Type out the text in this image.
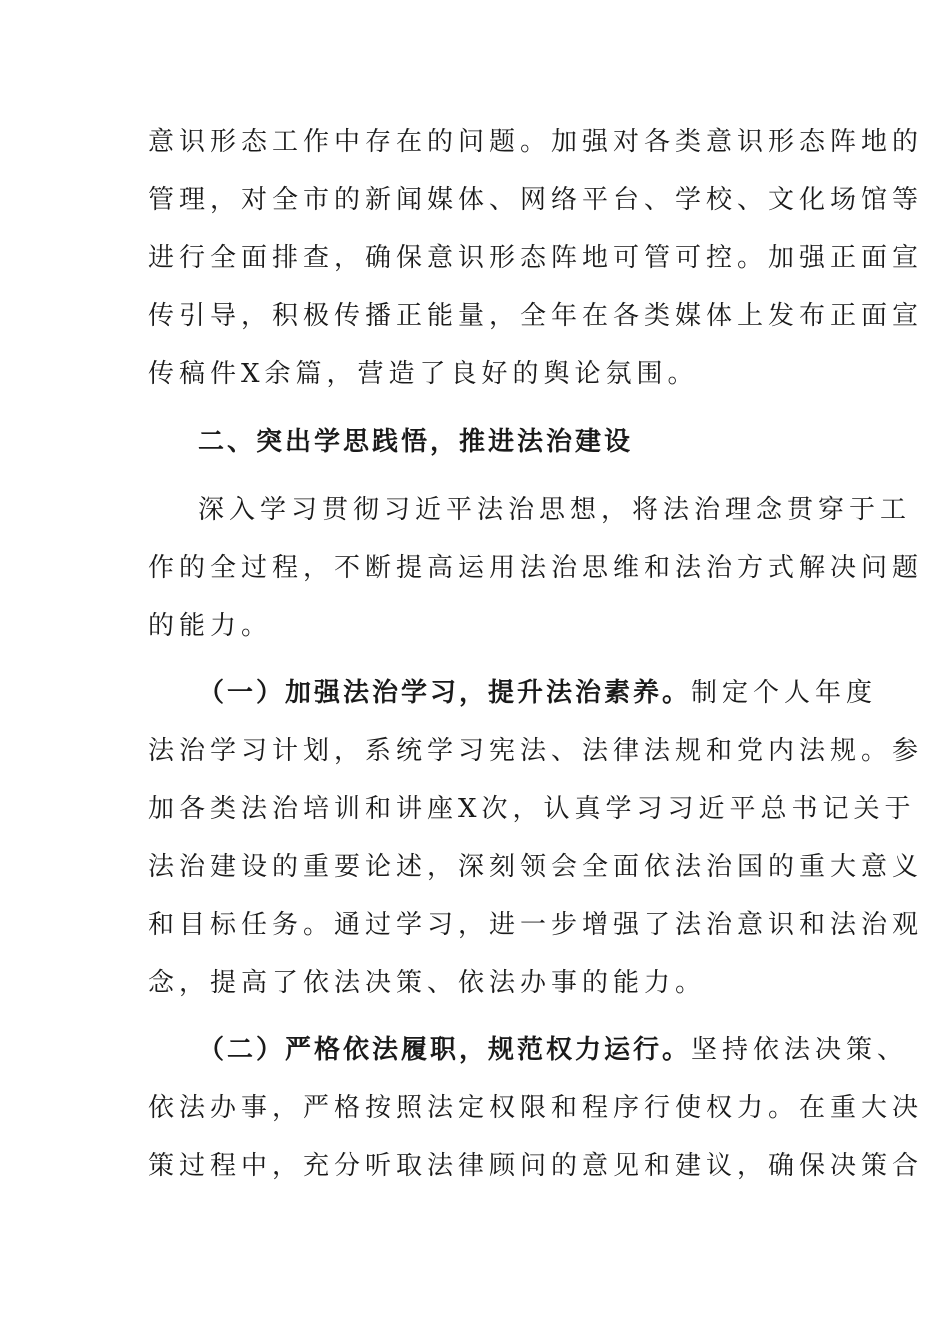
意识形态工作中存在的问题。加强对各类意识形态阵地的
管理，对全市的新闻媒体、网络平台、学校、文化场馆等
进行全面排查，确保意识形态阵地可管可控。加强正面宣
传引导，积极传播正能量，全年在各类媒体上发布正面宣
传稿件X余篇，营造了良好的舆论氛围。
二、突出学思践悟，推进法治建设
深入学习贯彻习近平法治思想，将法治理念贯穿于工
作的全过程，不断提高运用法治思维和法治方式解决问题
的能力。
（一）加强法治学习，提升法治素养。制定个人年度
法治学习计划，系统学习宪法、法律法规和党内法规。参
加各类法治培训和讲座X次，认真学习习近平总书记关于
法治建设的重要论述，深刻领会全面依法治国的重大意义
和目标任务。通过学习，进一步增强了法治意识和法治观
念，提高了依法决策、依法办事的能力。
（二）严格依法履职，规范权力运行。坚持依法决策、
依法办事，严格按照法定权限和程序行使权力。在重大决
策过程中，充分听取法律顾问的意见和建议，确保决策合
